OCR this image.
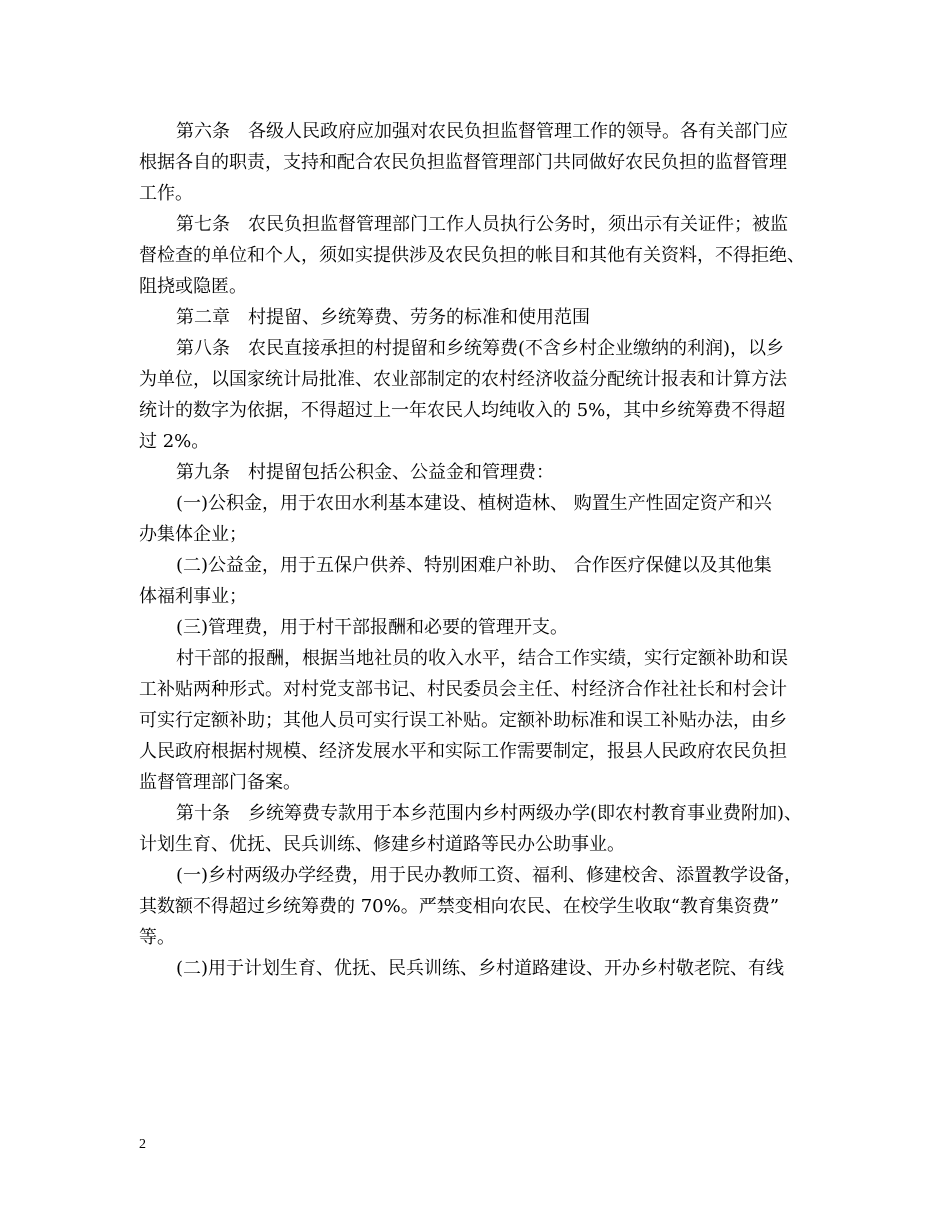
第六条　各级人民政府应加强对农民负担监督管理工作的领导。各有关部门应
根据各自的职责，支持和配合农民负担监督管理部门共同做好农民负担的监督管理
工作。
第七条　农民负担监督管理部门工作人员执行公务时，须出示有关证件；被监
督检查的单位和个人，须如实提供涉及农民负担的帐目和其他有关资料，不得拒绝、
阻挠或隐匿。
第二章　村提留、乡统筹费、劳务的标准和使用范围
第八条　农民直接承担的村提留和乡统筹费(不含乡村企业缴纳的利润)，以乡
为单位，以国家统计局批准、农业部制定的农村经济收益分配统计报表和计算方法
统计的数字为依据，不得超过上一年农民人均纯收入的 5%，其中乡统筹费不得超
过 2%。
第九条　村提留包括公积金、公益金和管理费：
(一)公积金，用于农田水利基本建设、植树造林、 购置生产性固定资产和兴
办集体企业；
(二)公益金，用于五保户供养、特别困难户补助、 合作医疗保健以及其他集
体福利事业；
(三)管理费，用于村干部报酬和必要的管理开支。
村干部的报酬，根据当地社员的收入水平，结合工作实绩，实行定额补助和误
工补贴两种形式。对村党支部书记、村民委员会主任、村经济合作社社长和村会计
可实行定额补助；其他人员可实行误工补贴。定额补助标准和误工补贴办法，由乡
人民政府根据村规模、经济发展水平和实际工作需要制定，报县人民政府农民负担
监督管理部门备案。
第十条　乡统筹费专款用于本乡范围内乡村两级办学(即农村教育事业费附加)、
计划生育、优抚、民兵训练、修建乡村道路等民办公助事业。
(一)乡村两级办学经费，用于民办教师工资、福利、修建校舍、添置教学设备，
其数额不得超过乡统筹费的 70%。严禁变相向农民、在校学生收取“教育集资费”
等。
(二)用于计划生育、优抚、民兵训练、乡村道路建设、开办乡村敬老院、有线
2
